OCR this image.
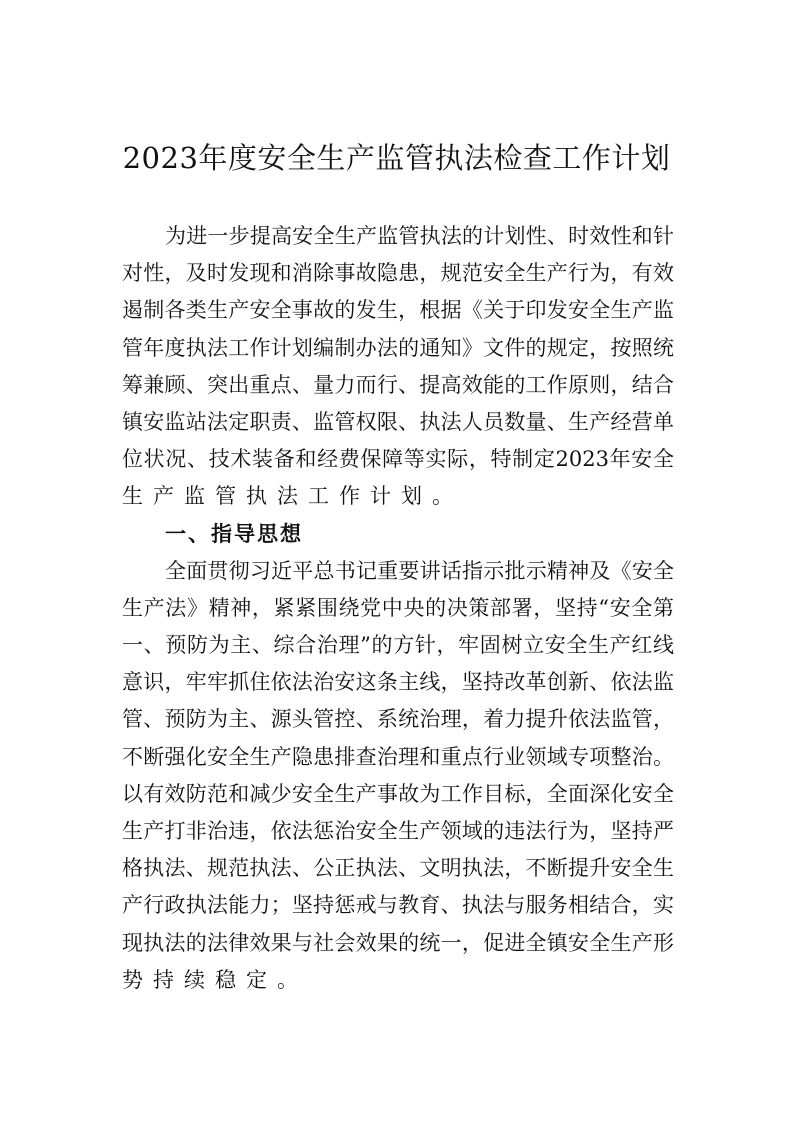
2023年度安全生产监管执法检查工作计划
为进一步提高安全生产监管执法的计划性、时效性和针
对性，及时发现和消除事故隐患，规范安全生产行为，有效
遏制各类生产安全事故的发生，根据《关于印发安全生产监
管年度执法工作计划编制办法的通知》文件的规定，按照统
筹兼顾、突出重点、量力而行、提高效能的工作原则，结合
镇安监站法定职责、监管权限、执法人员数量、生产经营单
位状况、技术装备和经费保障等实际，特制定2023年安全
生产监管执法工作计划。
一、指导思想
全面贯彻习近平总书记重要讲话指示批示精神及《安全
生产法》精神，紧紧围绕党中央的决策部署，坚持“安全第
一、预防为主、综合治理”的方针，牢固树立安全生产红线
意识，牢牢抓住依法治安这条主线，坚持改革创新、依法监
管、预防为主、源头管控、系统治理，着力提升依法监管，
不断强化安全生产隐患排查治理和重点行业领域专项整治。
以有效防范和减少安全生产事故为工作目标，全面深化安全
生产打非治违，依法惩治安全生产领域的违法行为，坚持严
格执法、规范执法、公正执法、文明执法，不断提升安全生
产行政执法能力；坚持惩戒与教育、执法与服务相结合，实
现执法的法律效果与社会效果的统一，促进全镇安全生产形
势持续稳定。
